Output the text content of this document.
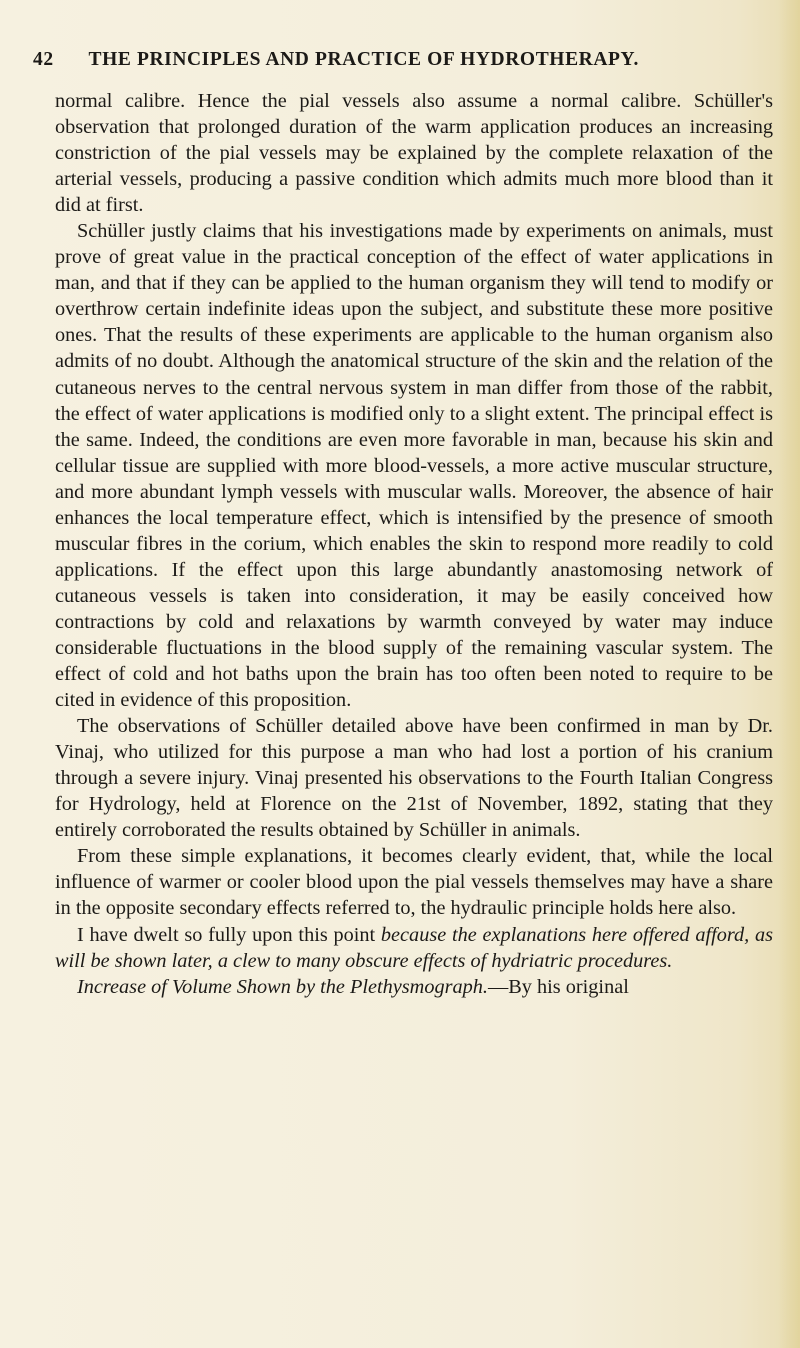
42 THE PRINCIPLES AND PRACTICE OF HYDROTHERAPY.

normal calibre. Hence the pial vessels also assume a normal calibre. Schüller's observation that prolonged duration of the warm application produces an increasing constriction of the pial vessels may be explained by the complete relaxation of the arterial vessels, producing a passive condition which admits much more blood than it did at first.

Schüller justly claims that his investigations made by experiments on animals, must prove of great value in the practical conception of the effect of water applications in man, and that if they can be applied to the human organism they will tend to modify or overthrow certain indefinite ideas upon the subject, and substitute these more positive ones. That the results of these experiments are applicable to the human organism also admits of no doubt. Although the anatomical structure of the skin and the relation of the cutaneous nerves to the central nervous system in man differ from those of the rabbit, the effect of water applications is modified only to a slight extent. The principal effect is the same. Indeed, the conditions are even more favorable in man, because his skin and cellular tissue are supplied with more blood-vessels, a more active muscular structure, and more abundant lymph vessels with muscular walls. Moreover, the absence of hair enhances the local temperature effect, which is intensified by the presence of smooth muscular fibres in the corium, which enables the skin to respond more readily to cold applications. If the effect upon this large abundantly anastomosing network of cutaneous vessels is taken into consideration, it may be easily conceived how contractions by cold and relaxations by warmth conveyed by water may induce considerable fluctuations in the blood supply of the remaining vascular system. The effect of cold and hot baths upon the brain has too often been noted to require to be cited in evidence of this proposition.

The observations of Schüller detailed above have been confirmed in man by Dr. Vinaj, who utilized for this purpose a man who had lost a portion of his cranium through a severe injury. Vinaj presented his observations to the Fourth Italian Congress for Hydrology, held at Florence on the 21st of November, 1892, stating that they entirely corroborated the results obtained by Schüller in animals.

From these simple explanations, it becomes clearly evident, that, while the local influence of warmer or cooler blood upon the pial vessels themselves may have a share in the opposite secondary effects referred to, the hydraulic principle holds here also.

I have dwelt so fully upon this point because the explanations here offered afford, as will be shown later, a clew to many obscure effects of hydriatric procedures.

Increase of Volume Shown by the Plethysmograph.—By his original
